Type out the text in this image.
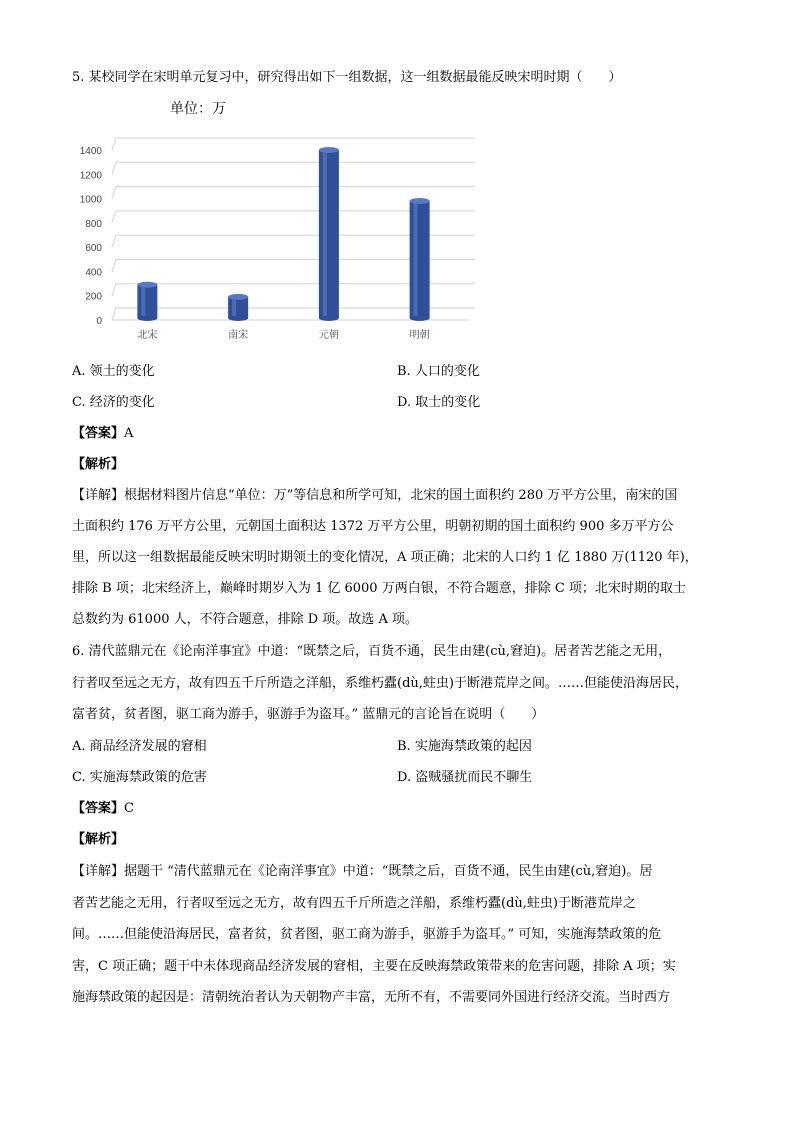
5. 某校同学在宋明单元复习中，研究得出如下一组数据，这一组数据最能反映宋明时期（　　）
单位：万
0
200
400
600
800
1000
1200
1400
北宋	南宋	元朝	明朝
A. 领土的变化	B. 人口的变化
C. 经济的变化	D. 取士的变化
【答案】A
【解析】
【详解】根据材料图片信息“单位：万”等信息和所学可知，北宋的国土面积约 280 万平方公里，南宋的国
土面积约 176 万平方公里，元朝国土面积达 1372 万平方公里，明朝初期的国土面积约 900 多万平方公
里，所以这一组数据最能反映宋明时期领土的变化情况，A 项正确；北宋的人口约 1 亿 1880 万(1120 年)，
排除 B 项；北宋经济上，巅峰时期岁入为 1 亿 6000 万两白银，不符合题意，排除 C 项；北宋时期的取士
总数约为 61000 人，不符合题意，排除 D 项。故选 A 项。
6. 清代蓝鼎元在《论南洋事宜》中道：“既禁之后，百货不通，民生由建(cù,窘迫)。居者苦艺能之无用，
行者叹至远之无方，故有四五千斤所造之洋船，系维朽蠹(dù,蛀虫)于断港荒岸之间。……但能使沿海居民，
富者贫，贫者图，驱工商为游手，驱游手为盗耳。” 蓝鼎元的言论旨在说明（　　）
A. 商品经济发展的窘相	B. 实施海禁政策的起因
C. 实施海禁政策的危害	D. 盗贼骚扰而民不聊生
【答案】C
【解析】
【详解】据题干 “清代蓝鼎元在《论南洋事宜》中道：“既禁之后，百货不通，民生由建(cù,窘迫)。居
者苦艺能之无用，行者叹至远之无方，故有四五千斤所造之洋船，系维朽蠹(dù,蛀虫)于断港荒岸之
间。……但能使沿海居民，富者贫，贫者图，驱工商为游手，驱游手为盗耳。” 可知，实施海禁政策的危
害，C 项正确；题干中未体现商品经济发展的窘相，主要在反映海禁政策带来的危害问题，排除 A 项；实
施海禁政策的起因是：清朝统治者认为天朝物产丰富，无所不有，不需要同外国进行经济交流。当时西方
